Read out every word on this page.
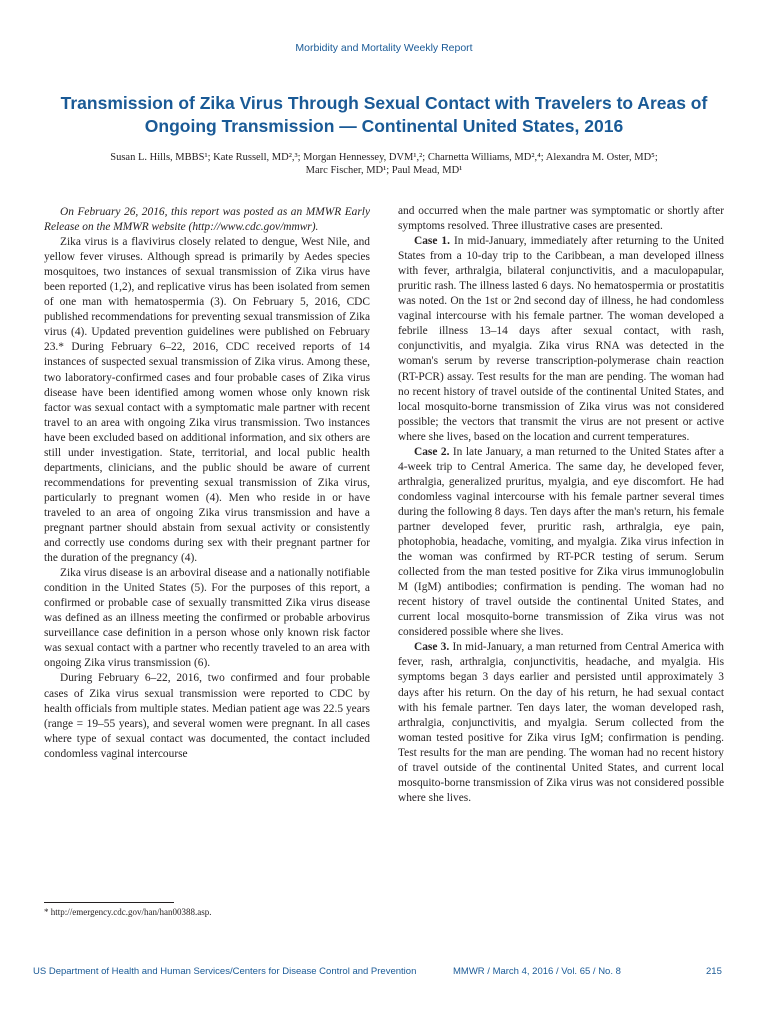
Morbidity and Mortality Weekly Report
Transmission of Zika Virus Through Sexual Contact with Travelers to Areas of Ongoing Transmission — Continental United States, 2016
Susan L. Hills, MBBS¹; Kate Russell, MD²,³; Morgan Hennessey, DVM¹,²; Charnetta Williams, MD²,⁴; Alexandra M. Oster, MD⁵;
Marc Fischer, MD¹; Paul Mead, MD¹

On February 26, 2016, this report was posted as an MMWR Early Release on the MMWR website (http://www.cdc.gov/mmwr).

Zika virus is a flavivirus closely related to dengue, West Nile, and yellow fever viruses. Although spread is primarily by Aedes species mosquitoes, two instances of sexual transmission of Zika virus have been reported (1,2), and replicative virus has been isolated from semen of one man with hematospermia (3). On February 5, 2016, CDC published recommendations for preventing sexual transmission of Zika virus (4). Updated prevention guidelines were published on February 23.* During February 6–22, 2016, CDC received reports of 14 instances of suspected sexual transmission of Zika virus. Among these, two laboratory-confirmed cases and four probable cases of Zika virus disease have been identified among women whose only known risk factor was sexual contact with a symptomatic male partner with recent travel to an area with ongoing Zika virus transmission. Two instances have been excluded based on additional information, and six others are still under investigation. State, territorial, and local public health departments, clinicians, and the public should be aware of current recommendations for preventing sexual transmission of Zika virus, particularly to pregnant women (4). Men who reside in or have traveled to an area of ongoing Zika virus transmission and have a pregnant partner should abstain from sexual activity or consistently and correctly use condoms during sex with their pregnant partner for the duration of the pregnancy (4).

Zika virus disease is an arboviral disease and a nationally notifiable condition in the United States (5). For the purposes of this report, a confirmed or probable case of sexually transmitted Zika virus disease was defined as an illness meeting the confirmed or probable arbovirus surveillance case definition in a person whose only known risk factor was sexual contact with a partner who recently traveled to an area with ongoing Zika virus transmission (6).

During February 6–22, 2016, two confirmed and four probable cases of Zika virus sexual transmission were reported to CDC by health officials from multiple states. Median patient age was 22.5 years (range = 19–55 years), and several women were pregnant. In all cases where type of sexual contact was documented, the contact included condomless vaginal intercourse

* http://emergency.cdc.gov/han/han00388.asp.

and occurred when the male partner was symptomatic or shortly after symptoms resolved. Three illustrative cases are presented.

Case 1. In mid-January, immediately after returning to the United States from a 10-day trip to the Caribbean, a man developed illness with fever, arthralgia, bilateral conjunctivitis, and a maculopapular, pruritic rash. The illness lasted 6 days. No hematospermia or prostatitis was noted. On the 1st or 2nd second day of illness, he had condomless vaginal intercourse with his female partner. The woman developed a febrile illness 13–14 days after sexual contact, with rash, conjunctivitis, and myalgia. Zika virus RNA was detected in the woman's serum by reverse transcription-polymerase chain reaction (RT-PCR) assay. Test results for the man are pending. The woman had no recent history of travel outside of the continental United States, and local mosquito-borne transmission of Zika virus was not considered possible; the vectors that transmit the virus are not present or active where she lives, based on the location and current temperatures.

Case 2. In late January, a man returned to the United States after a 4-week trip to Central America. The same day, he developed fever, arthralgia, generalized pruritus, myalgia, and eye discomfort. He had condomless vaginal intercourse with his female partner several times during the following 8 days. Ten days after the man's return, his female partner developed fever, pruritic rash, arthralgia, eye pain, photophobia, headache, vomiting, and myalgia. Zika virus infection in the woman was confirmed by RT-PCR testing of serum. Serum collected from the man tested positive for Zika virus immunoglobulin M (IgM) antibodies; confirmation is pending. The woman had no recent history of travel outside the continental United States, and current local mosquito-borne transmission of Zika virus was not considered possible where she lives.

Case 3. In mid-January, a man returned from Central America with fever, rash, arthralgia, conjunctivitis, headache, and myalgia. His symptoms began 3 days earlier and persisted until approximately 3 days after his return. On the day of his return, he had sexual contact with his female partner. Ten days later, the woman developed rash, arthralgia, conjunctivitis, and myalgia. Serum collected from the woman tested positive for Zika virus IgM; confirmation is pending. Test results for the man are pending. The woman had no recent history of travel outside of the continental United States, and current local mosquito-borne transmission of Zika virus was not considered possible where she lives.

US Department of Health and Human Services/Centers for Disease Control and Prevention	MMWR / March 4, 2016 / Vol. 65 / No. 8	215
